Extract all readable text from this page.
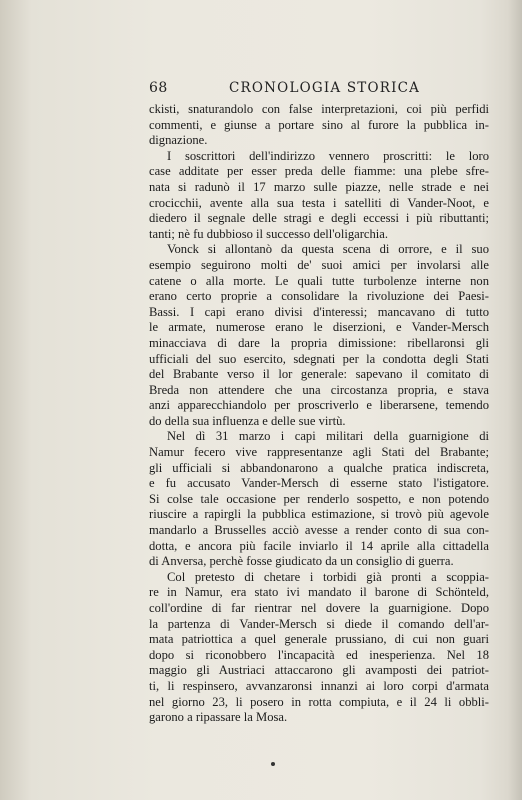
68	CRONOLOGIA STORICA
ckisti, snaturandolo con false interpretazioni, coi più perfidi
commenti, e giunse a portare sino al furore la pubblica in-
dignazione.
I soscrittori dell'indirizzo vennero proscritti: le loro
case additate per esser preda delle fiamme: una plebe sfre-
nata si radunò il 17 marzo sulle piazze, nelle strade e nei
crocicchii, avente alla sua testa i satelliti di Vander-Noot, e
diedero il segnale delle stragi e degli eccessi i più ributtanti;
tanti; nè fu dubbioso il successo dell'oligarchia.
Vonck si allontanò da questa scena di orrore, e il suo
esempio seguirono molti de' suoi amici per involarsi alle
catene o alla morte. Le quali tutte turbolenze interne non
erano certo proprie a consolidare la rivoluzione dei Paesi-
Bassi. I capi erano divisi d'interessi; mancavano di tutto
le armate, numerose erano le diserzioni, e Vander-Mersch
minacciava di dare la propria dimissione: ribellaronsi gli
ufficiali del suo esercito, sdegnati per la condotta degli Stati
del Brabante verso il lor generale: sapevano il comitato di
Breda non attendere che una circostanza propria, e stava
anzi apparecchiandolo per proscriverlo e liberarsene, temendo
do della sua influenza e delle sue virtù.
Nel dì 31 marzo i capi militari della guarnigione di
Namur fecero vive rappresentanze agli Stati del Brabante;
gli ufficiali si abbandonarono a qualche pratica indiscreta,
e fu accusato Vander-Mersch di esserne stato l'istigatore.
Si colse tale occasione per renderlo sospetto, e non potendo
riuscire a rapirgli la pubblica estimazione, si trovò più agevole
mandarlo a Brusselles acciò avesse a render conto di sua con-
dotta, e ancora più facile inviarlo il 14 aprile alla cittadella
di Anversa, perchè fosse giudicato da un consiglio di guerra.
Col pretesto di chetare i torbidi già pronti a scoppia-
re in Namur, era stato ivi mandato il barone di Schönteld,
coll'ordine di far rientrar nel dovere la guarnigione. Dopo
la partenza di Vander-Mersch si diede il comando dell'ar-
mata patriottica a quel generale prussiano, di cui non guari
dopo si riconobbero l'incapacità ed inesperienza. Nel 18
maggio gli Austriaci attaccarono gli avamposti dei patriot-
ti, li respinsero, avvanzaronsi innanzi ai loro corpi d'armata
nel giorno 23, li posero in rotta compiuta, e il 24 li obbli-
garono a ripassare la Mosa.
